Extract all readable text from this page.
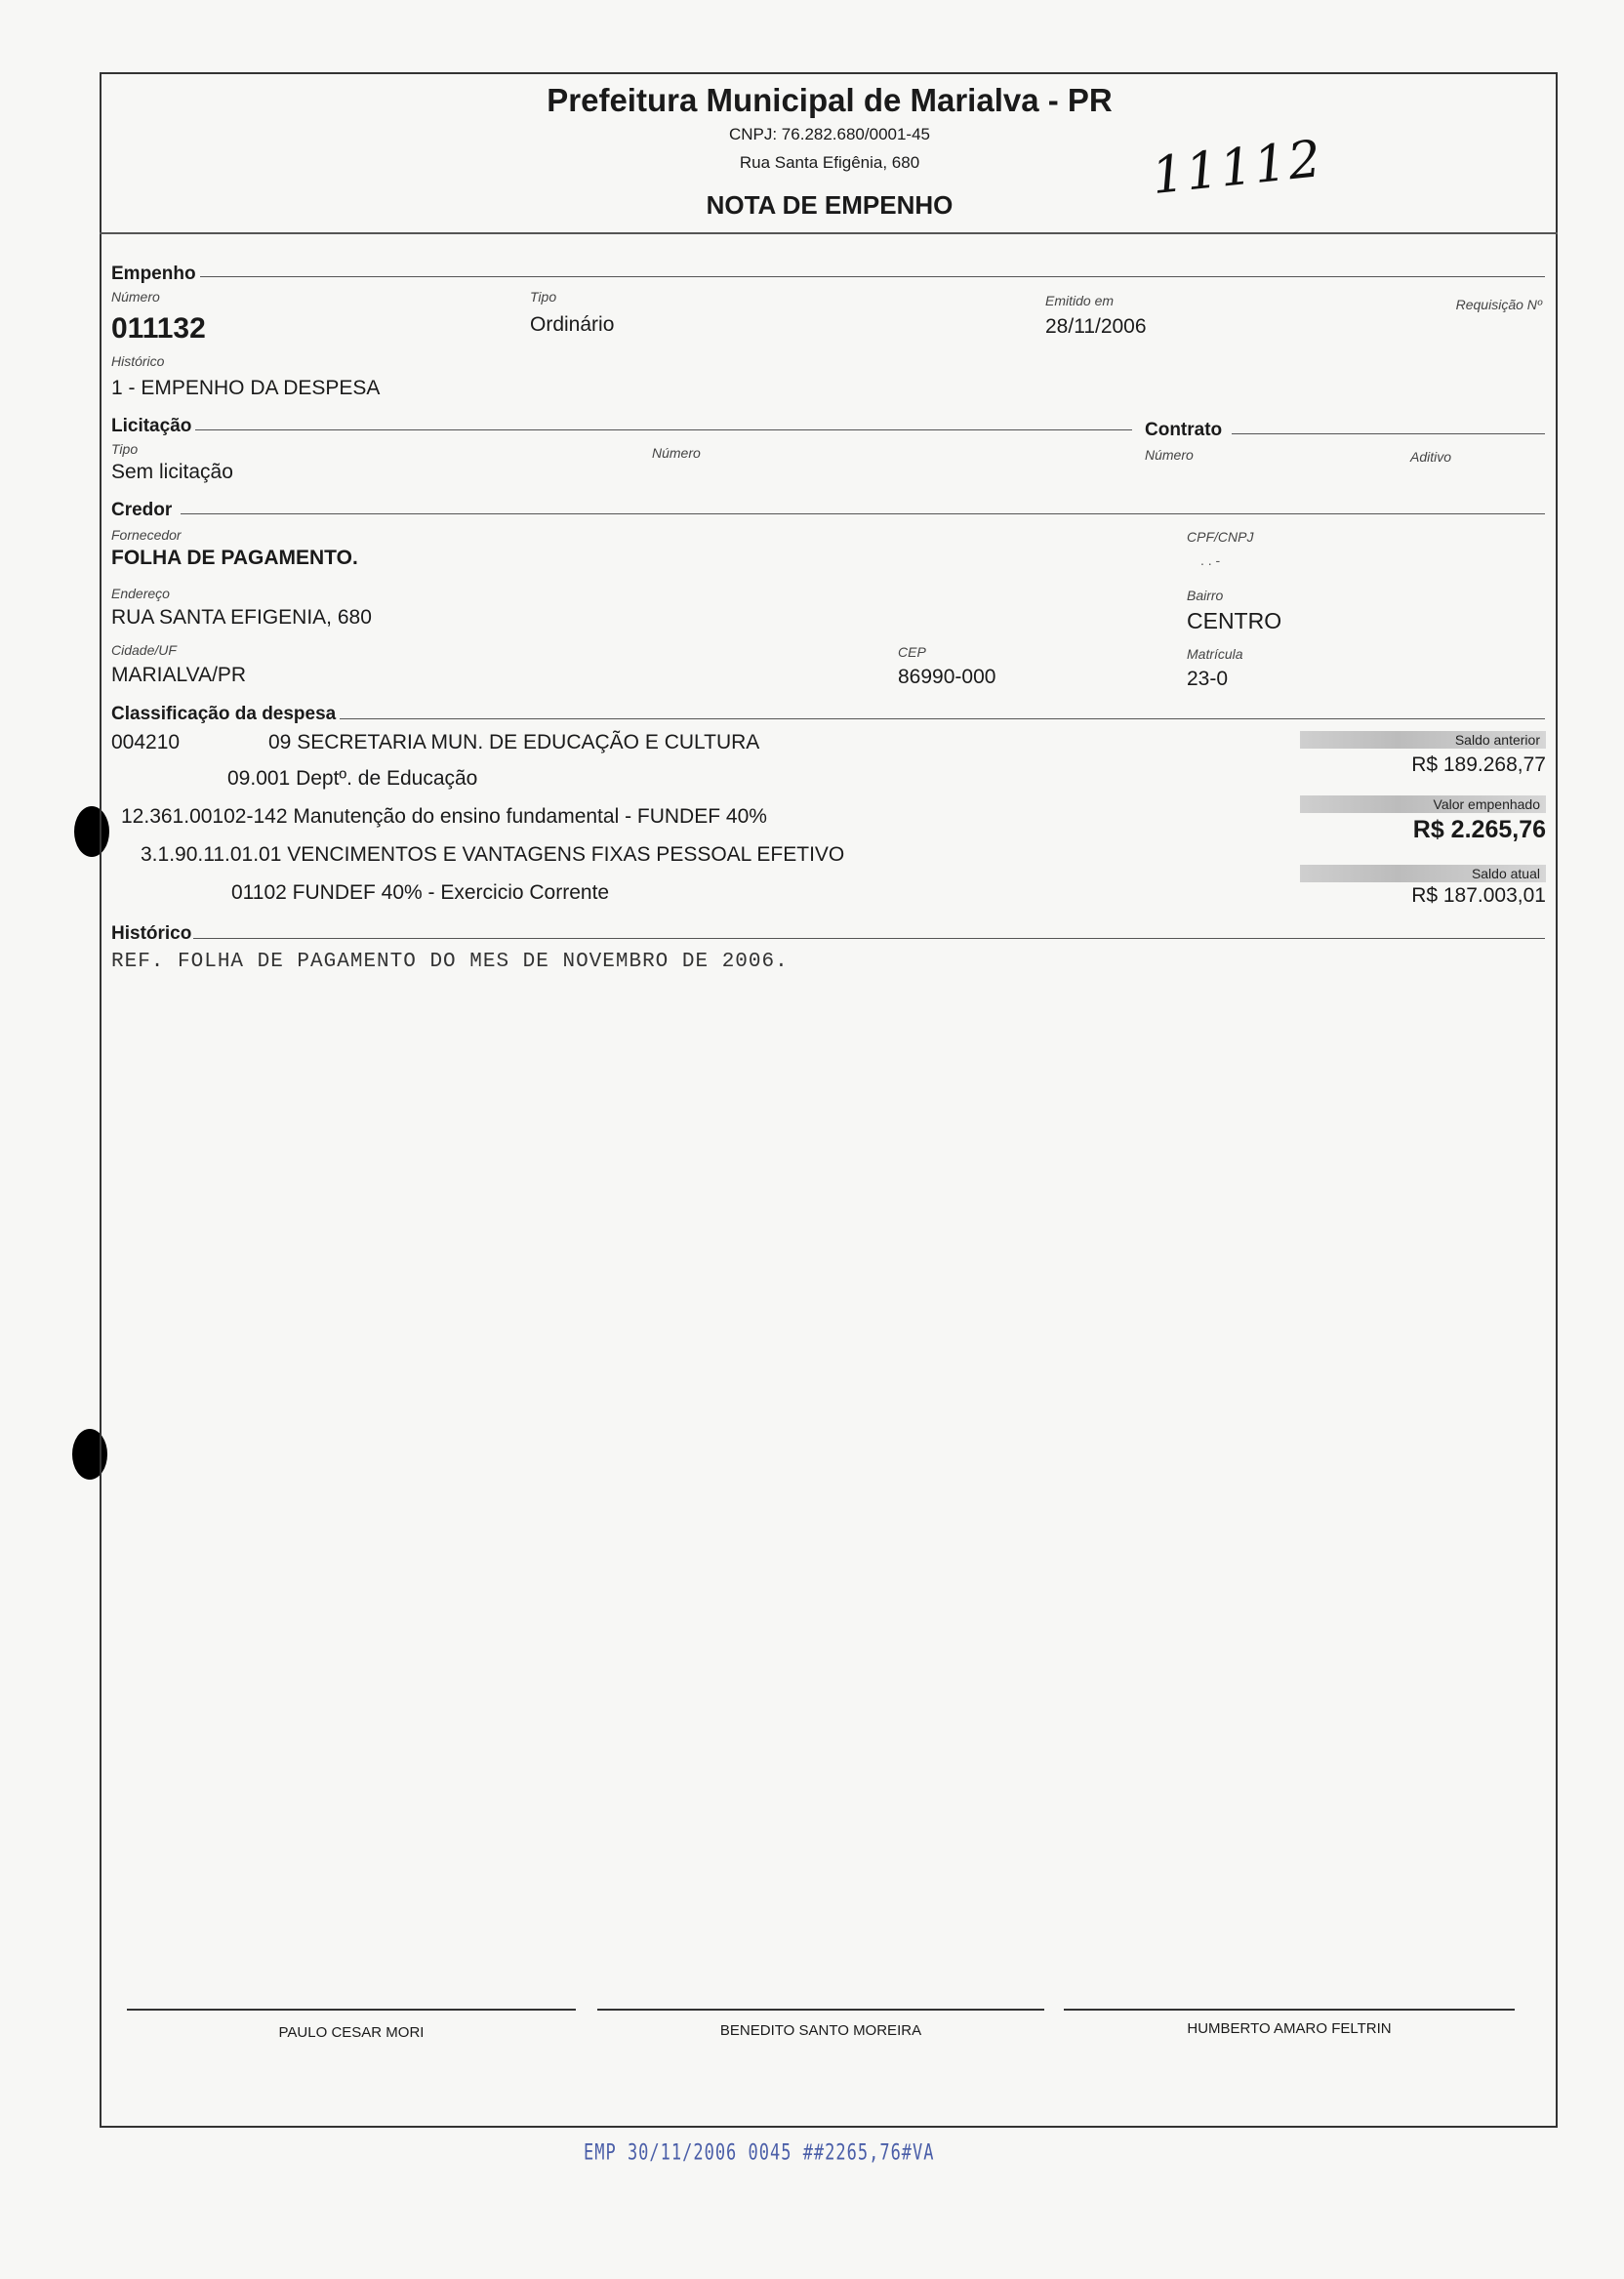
Prefeitura Municipal de Marialva - PR
CNPJ: 76.282.680/0001-45
Rua Santa Efigênia, 680
NOTA DE EMPENHO	11112
Empenho
Número
011132
Tipo
Ordinário
Emitido em
28/11/2006
Requisição Nº
Histórico
1 - EMPENHO DA DESPESA
Licitação	Contrato
Tipo
Sem licitação
Número	Número	Aditivo
Credor
Fornecedor
FOLHA DE PAGAMENTO.
CPF/CNPJ
. . -
Endereço
RUA SANTA EFIGENIA, 680
Bairro
CENTRO
Cidade/UF
MARIALVA/PR
CEP
86990-000
Matrícula
23-0
Classificação da despesa
004210	09 SECRETARIA MUN. DE EDUCAÇÃO E CULTURA
09.001 Deptº. de Educação
12.361.00102-142 Manutenção do ensino fundamental - FUNDEF 40%
3.1.90.11.01.01 VENCIMENTOS E VANTAGENS FIXAS PESSOAL EFETIVO
01102 FUNDEF 40% - Exercicio Corrente
Saldo anterior
R$ 189.268,77
Valor empenhado
R$ 2.265,76
Saldo atual
R$ 187.003,01
Histórico
REF. FOLHA DE PAGAMENTO DO MES DE NOVEMBRO DE 2006.
PAULO CESAR MORI	BENEDITO SANTO MOREIRA	HUMBERTO AMARO FELTRIN
EMP 30/11/2006 0045 ##2265,76#VA
